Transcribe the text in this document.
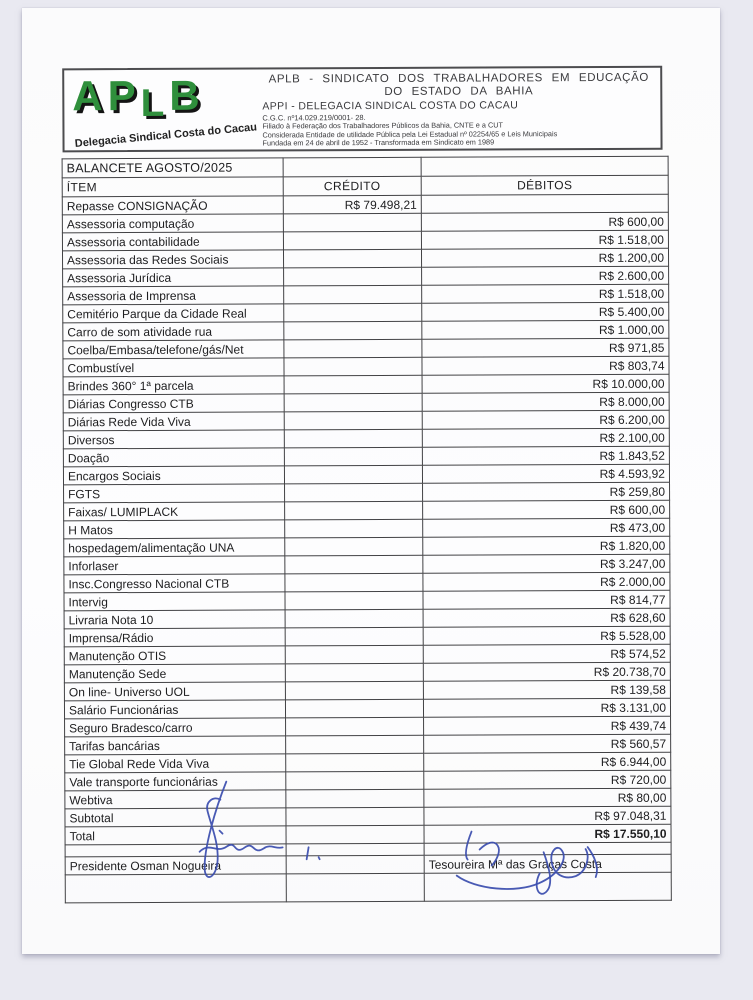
APLB
Delegacia Sindical Costa do Cacau
APLB - SINDICATO DOS TRABALHADORES EM EDUCAÇÃO
DO ESTADO DA BAHIA
APPI - DELEGACIA SINDICAL COSTA DO CACAU
C.G.C. nº14.029.219/0001- 28.
Filiado à Federação dos Trabalhadores Públicos da Bahia, CNTE e a CUT
Considerada Entidade de utilidade Pública pela Lei Estadual nº 02254/65 e Leis Municipais
Fundada em 24 de abril de 1952 - Transformada em Sindicato em 1989
BALANCETE AGOSTO/2025		
ÍTEM	CRÉDITO	DÉBITOS
Repasse CONSIGNAÇÃO	R$ 79.498,21	
Assessoria computação		R$ 600,00
Assessoria contabilidade		R$ 1.518,00
Assessoria das Redes Sociais		R$ 1.200,00
Assessoria Jurídica		R$ 2.600,00
Assessoria de Imprensa		R$ 1.518,00
Cemitério Parque da Cidade Real		R$ 5.400,00
Carro de som atividade rua		R$ 1.000,00
Coelba/Embasa/telefone/gás/Net		R$ 971,85
Combustível		R$ 803,74
Brindes 360° 1ª parcela		R$ 10.000,00
Diárias Congresso CTB		R$ 8.000,00
Diárias Rede Vida Viva		R$ 6.200,00
Diversos		R$ 2.100,00
Doação		R$ 1.843,52
Encargos Sociais		R$ 4.593,92
FGTS		R$ 259,80
Faixas/ LUMIPLACK		R$ 600,00
H Matos		R$ 473,00
hospedagem/alimentação UNA		R$ 1.820,00
Inforlaser		R$ 3.247,00
Insc.Congresso Nacional CTB		R$ 2.000,00
Intervig		R$ 814,77
Livraria Nota 10		R$ 628,60
Imprensa/Rádio		R$ 5.528,00
Manutenção OTIS		R$ 574,52
Manutenção Sede		R$ 20.738,70
On line- Universo UOL		R$ 139,58
Salário Funcionárias		R$ 3.131,00
Seguro Bradesco/carro		R$ 439,74
Tarifas bancárias		R$ 560,57
Tie Global Rede Vida Viva		R$ 6.944,00
Vale transporte funcionárias		R$ 720,00
Webtiva		R$ 80,00
Subtotal		R$ 97.048,31
Total		R$ 17.550,10

Presidente Osman Nogueira		Tesoureira Mª das Graças Costa
